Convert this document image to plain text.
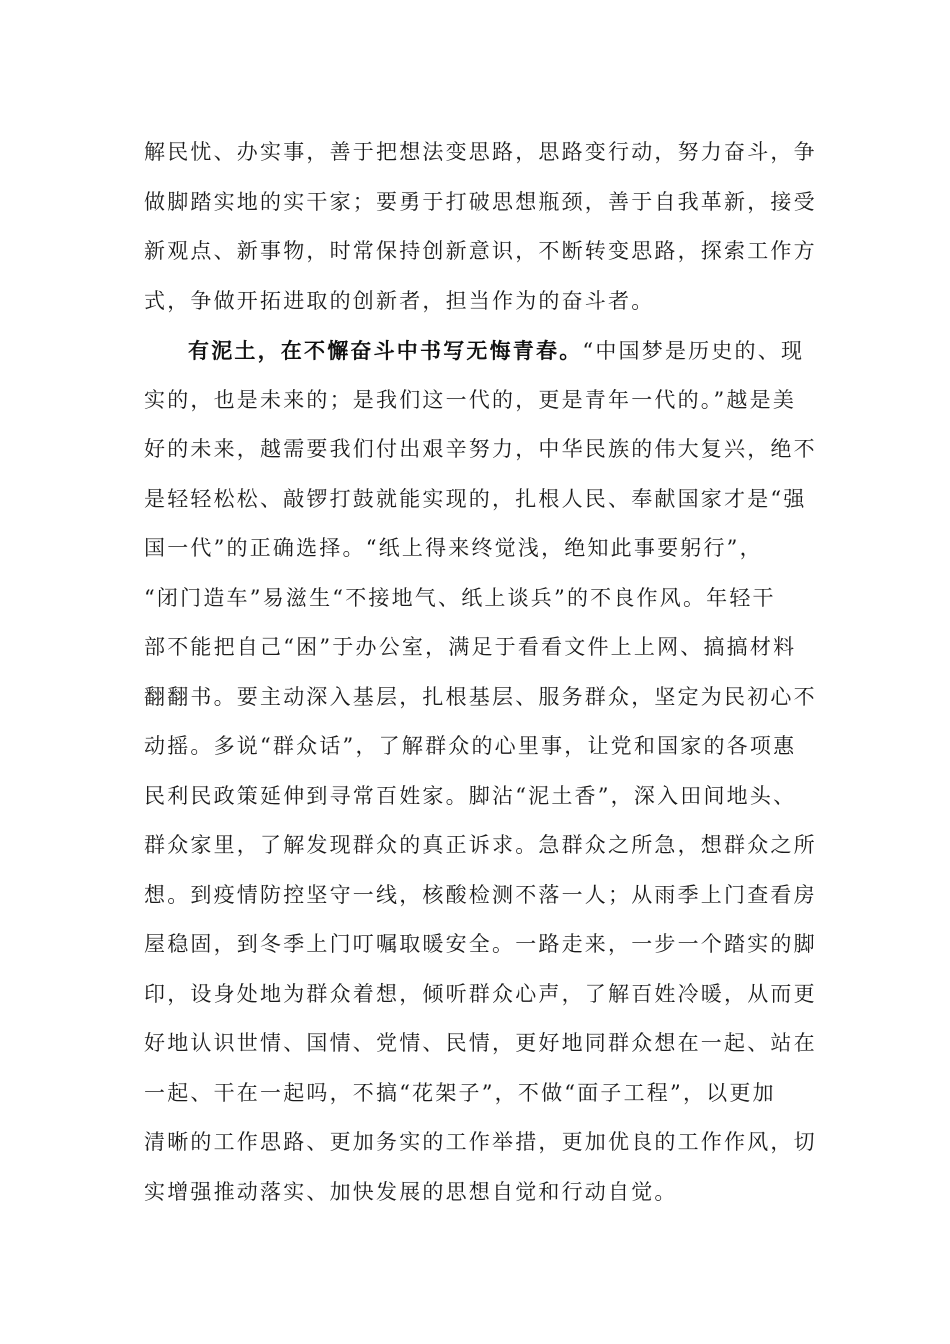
解民忧、办实事，善于把想法变思路，思路变行动，努力奋斗，争
做脚踏实地的实干家；要勇于打破思想瓶颈，善于自我革新，接受
新观点、新事物，时常保持创新意识，不断转变思路，探索工作方
式，争做开拓进取的创新者，担当作为的奋斗者。
有泥土，在不懈奋斗中书写无悔青春。“中国梦是历史的、现
实的，也是未来的；是我们这一代的，更是青年一代的。”越是美
好的未来，越需要我们付出艰辛努力，中华民族的伟大复兴，绝不
是轻轻松松、敲锣打鼓就能实现的，扎根人民、奉献国家才是“强
国一代”的正确选择。“纸上得来终觉浅，绝知此事要躬行”，
“闭门造车”易滋生“不接地气、纸上谈兵”的不良作风。年轻干
部不能把自己“困”于办公室，满足于看看文件上上网、搞搞材料
翻翻书。要主动深入基层，扎根基层、服务群众，坚定为民初心不
动摇。多说“群众话”，了解群众的心里事，让党和国家的各项惠
民利民政策延伸到寻常百姓家。脚沾“泥土香”，深入田间地头、
群众家里，了解发现群众的真正诉求。急群众之所急，想群众之所
想。到疫情防控坚守一线，核酸检测不落一人；从雨季上门查看房
屋稳固，到冬季上门叮嘱取暖安全。一路走来，一步一个踏实的脚
印，设身处地为群众着想，倾听群众心声，了解百姓冷暖，从而更
好地认识世情、国情、党情、民情，更好地同群众想在一起、站在
一起、干在一起吗，不搞“花架子”，不做“面子工程”，以更加
清晰的工作思路、更加务实的工作举措，更加优良的工作作风，切
实增强推动落实、加快发展的思想自觉和行动自觉。
